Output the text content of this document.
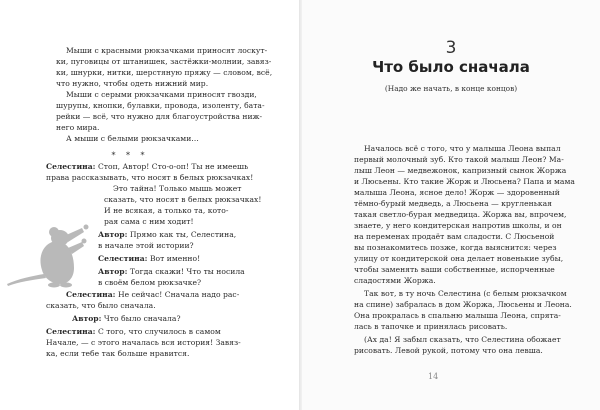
Мыши с красными рюкзачками приносят лоскут-

ки, пуговицы от штанишек, застёжки-молнии, завяз-

ки, шнурки, нитки, шерстяную пряжу — словом, всё,

что нужно, чтобы одеть нижний мир.

Мыши с серыми рюкзачками приносят гвозди,

шурупы, кнопки, булавки, провода, изоленту, бата-

рейки — всё, что нужно для благоустройства ниж-

него мира.

А мыши с белыми рюкзачками…

* * *

Селестина: Стоп, Автор! Сто-о-оп! Ты не имеешь

права рассказывать, что носят в белых рюкзачках!

Это тайна! Только мышь может

сказать, что носят в белых рюкзачках!

И не всякая, а только та, кото-

рая сама с ним ходит!

Автор: Прямо как ты, Селестина,

в начале этой истории?

Селестина: Вот именно!

Автор: Тогда скажи! Что ты носила

в своём белом рюкзачке?

Селестина: Не сейчас! Сначала надо рас-

сказать, что было сначала.

Автор: Что было сначала?

Селестина: С того, что случилось в самом

Начале, — с этого началась вся история! Завяз-

ка, если тебе так больше нравится.

3
Что было сначала
(Надо же начать, в конце концов)

Началось всё с того, что у малыша Леона выпал

первый молочный зуб. Кто такой малыш Леон? Ма-

лыш Леон — медвежонок, капризный сынок Жоржа

и Люсьены. Кто такие Жорж и Люсьена? Папа и мама

малыша Леона, ясное дело! Жорж — здоровенный

тёмно-бурый медведь, а Люсьена — кругленькая

такая светло-бурая медведица. Жоржа вы, впрочем,

знаете, у него кондитерская напротив школы, и он

на переменах продаёт вам сладости. С Люсьеной

вы познакомитесь позже, когда выяснится: через

улицу от кондитерской она делает новенькие зубы,

чтобы заменять ваши собственные, испорченные

сладостями Жоржа.

Так вот, в ту ночь Селестина (с белым рюкзачком

на спине) забралась в дом Жоржа, Люсьены и Леона.

Она прокралась в спальню малыша Леона, спрята-

лась в тапочке и принялась рисовать.

(Ах да! Я забыл сказать, что Селестина обожает

рисовать. Левой рукой, потому что она левша.

14
